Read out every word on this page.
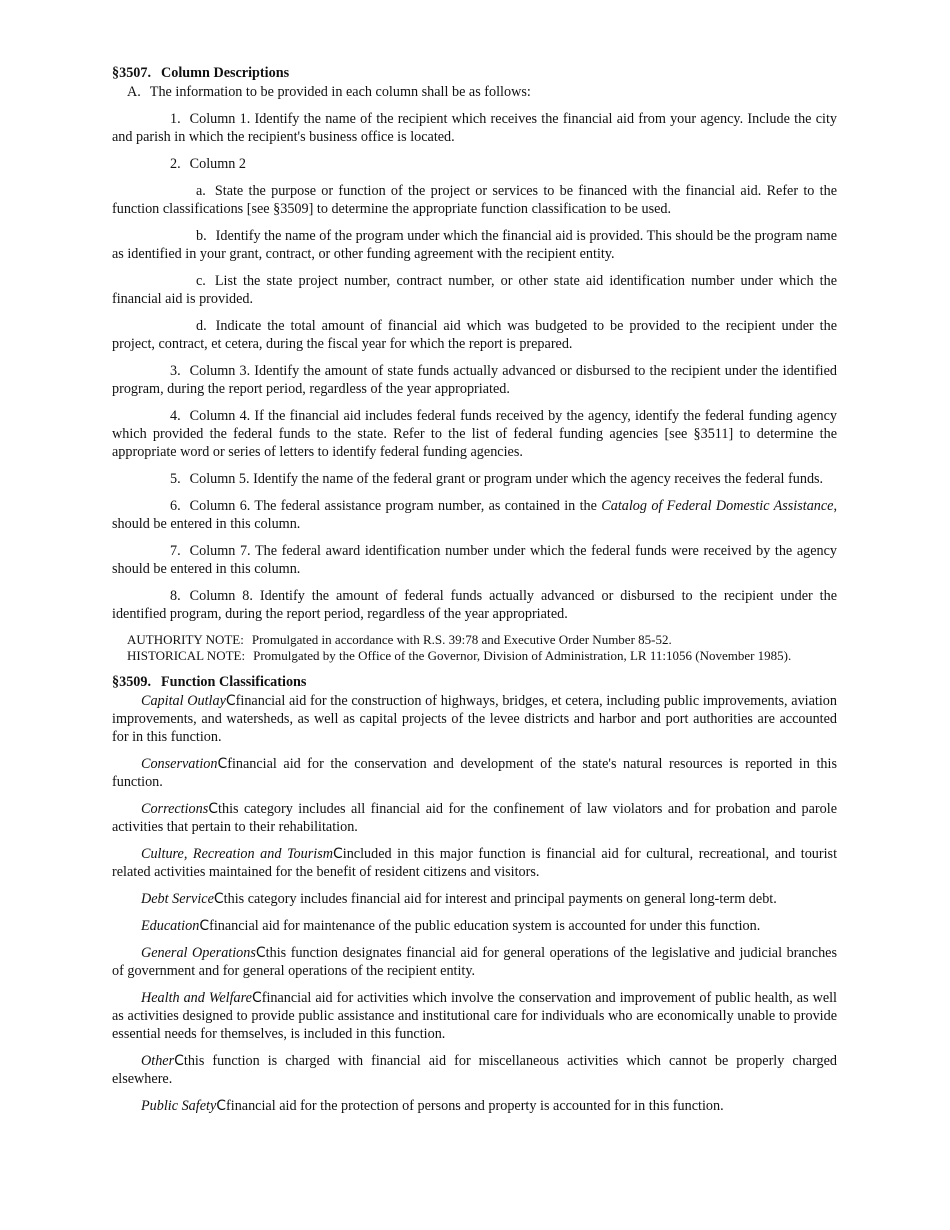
§3507. Column Descriptions

A. The information to be provided in each column shall be as follows:

1. Column 1. Identify the name of the recipient which receives the financial aid from your agency. Include the city and parish in which the recipient's business office is located.

2. Column 2

a. State the purpose or function of the project or services to be financed with the financial aid. Refer to the function classifications [see §3509] to determine the appropriate function classification to be used.

b. Identify the name of the program under which the financial aid is provided. This should be the program name as identified in your grant, contract, or other funding agreement with the recipient entity.

c. List the state project number, contract number, or other state aid identification number under which the financial aid is provided.

d. Indicate the total amount of financial aid which was budgeted to be provided to the recipient under the project, contract, et cetera, during the fiscal year for which the report is prepared.

3. Column 3. Identify the amount of state funds actually advanced or disbursed to the recipient under the identified program, during the report period, regardless of the year appropriated.

4. Column 4. If the financial aid includes federal funds received by the agency, identify the federal funding agency which provided the federal funds to the state. Refer to the list of federal funding agencies [see §3511] to determine the appropriate word or series of letters to identify federal funding agencies.

5. Column 5. Identify the name of the federal grant or program under which the agency receives the federal funds.

6. Column 6. The federal assistance program number, as contained in the Catalog of Federal Domestic Assistance, should be entered in this column.

7. Column 7. The federal award identification number under which the federal funds were received by the agency should be entered in this column.

8. Column 8. Identify the amount of federal funds actually advanced or disbursed to the recipient under the identified program, during the report period, regardless of the year appropriated.

AUTHORITY NOTE: Promulgated in accordance with R.S. 39:78 and Executive Order Number 85-52.

HISTORICAL NOTE: Promulgated by the Office of the Governor, Division of Administration, LR 11:1056 (November 1985).

§3509. Function Classifications

Capital OutlayCfinancial aid for the construction of highways, bridges, et cetera, including public improvements, aviation improvements, and watersheds, as well as capital projects of the levee districts and harbor and port authorities are accounted for in this function.

ConservationCfinancial aid for the conservation and development of the state's natural resources is reported in this function.

CorrectionsCthis category includes all financial aid for the confinement of law violators and for probation and parole activities that pertain to their rehabilitation.

Culture, Recreation and TourismCincluded in this major function is financial aid for cultural, recreational, and tourist related activities maintained for the benefit of resident citizens and visitors.

Debt ServiceCthis category includes financial aid for interest and principal payments on general long-term debt.

EducationCfinancial aid for maintenance of the public education system is accounted for under this function.

General OperationsCthis function designates financial aid for general operations of the legislative and judicial branches of government and for general operations of the recipient entity.

Health and WelfareCfinancial aid for activities which involve the conservation and improvement of public health, as well as activities designed to provide public assistance and institutional care for individuals who are economically unable to provide essential needs for themselves, is included in this function.

OtherCthis function is charged with financial aid for miscellaneous activities which cannot be properly charged elsewhere.

Public SafetyCfinancial aid for the protection of persons and property is accounted for in this function.
